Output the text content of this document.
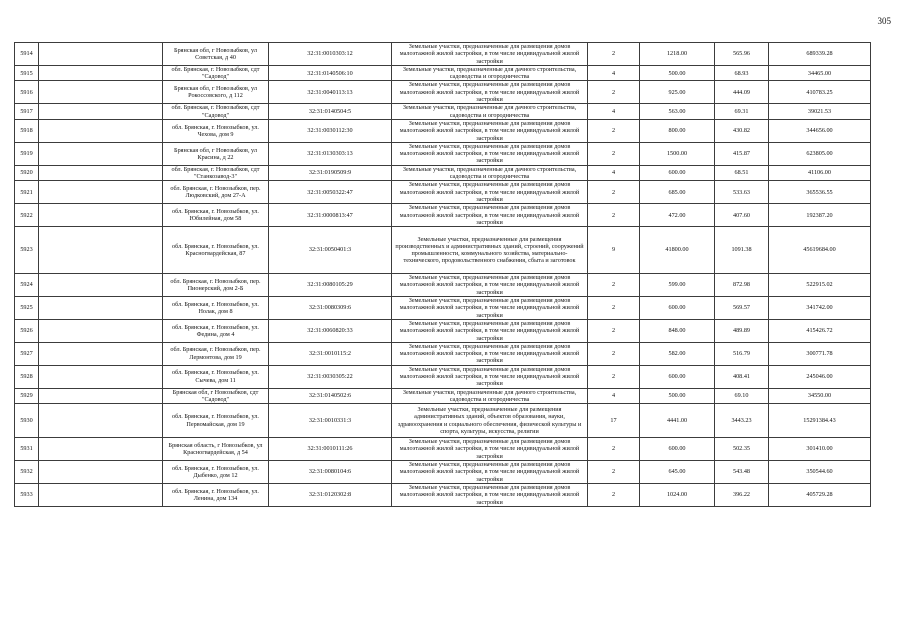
305
5914		Брянская обл, г Новозыбков, ул Советская, д 40	32:31:0010303:12	Земельные участки, предназначенные для размещения домов малоэтажной жилой застройки, в том числе индивидуальной жилой застройки	2	1218.00	565.96	689339.28
5915		обл. Брянская, г. Новозыбков, сдт "Садовод"	32:31:0140506:10	Земельные участки, предназначенные для дачного строительства, садоводства и огородничества	4	500.00	68.93	34465.00
5916		Брянская обл, г Новозыбков, ул Рокоссовского, д 112	32:31:0040113:13	Земельные участки, предназначенные для размещения домов малоэтажной жилой застройки, в том числе индивидуальной жилой застройки	2	925.00	444.09	410783.25
5917		обл. Брянская, г. Новозыбков, сдт "Садовод"	32:31:0140504:5	Земельные участки, предназначенные для дачного строительства, садоводства и огородничества	4	563.00	69.31	39021.53
5918		обл. Брянская, г. Новозыбков, ул. Чехова, дом 9	32:31:0030112:30	Земельные участки, предназначенные для размещения домов малоэтажной жилой застройки, в том числе индивидуальной жилой застройки	2	800.00	430.82	344656.00
5919		Брянская обл, г Новозыбков, ул Красина, д 22	32:31:0130303:13	Земельные участки, предназначенные для размещения домов малоэтажной жилой застройки, в том числе индивидуальной жилой застройки	2	1500.00	415.87	623805.00
5920		обл. Брянская, г. Новозыбков, сдт "Станкозавод-3"	32:31:0190509:9	Земельные участки, предназначенные для дачного строительства, садоводства и огородничества	4	600.00	68.51	41106.00
5921		обл. Брянская, г. Новозыбков, пер. Людковский, дом 27-А	32:31:0050322:47	Земельные участки, предназначенные для размещения домов малоэтажной жилой застройки, в том числе индивидуальной жилой застройки	2	685.00	533.63	365536.55
5922		обл. Брянская, г. Новозыбков, ул. Юбилейная, дом 58	32:31:0000813:47	Земельные участки, предназначенные для размещения домов малоэтажной жилой застройки, в том числе индивидуальной жилой застройки	2	472.00	407.60	192387.20
5923		обл. Брянская, г. Новозыбков, ул. Красногвардейская, 87	32:31:0050401:3	Земельные участки, предназначенные для размещения производственных и административных зданий, строений, сооружений промышленности, коммунального хозяйства, материально-технического, продовольственного снабжения, сбыта и заготовок	9	41800.00	1091.38	45619684.00
5924		обл. Брянская, г. Новозыбков, пер. Пионерский, дом 2-Б	32:31:0080105:29	Земельные участки, предназначенные для размещения домов малоэтажной жилой застройки, в том числе индивидуальной жилой застройки	2	599.00	872.98	522915.02
5925		обл. Брянская, г. Новозыбков, ул. Нолак, дом 8	32:31:0080309:6	Земельные участки, предназначенные для размещения домов малоэтажной жилой застройки, в том числе индивидуальной жилой застройки	2	600.00	569.57	341742.00
5926		обл. Брянская, г. Новозыбков, ул. Федина, дом 4	32:31:0060820:33	Земельные участки, предназначенные для размещения домов малоэтажной жилой застройки, в том числе индивидуальной жилой застройки	2	848.00	489.89	415426.72
5927		обл. Брянская, г. Новозыбков, пер. Лермонтова, дом 19	32:31:0010115:2	Земельные участки, предназначенные для размещения домов малоэтажной жилой застройки, в том числе индивидуальной жилой застройки	2	582.00	516.79	300771.78
5928		обл. Брянская, г. Новозыбков, ул. Сычева, дом 11	32:31:0030305:22	Земельные участки, предназначенные для размещения домов малоэтажной жилой застройки, в том числе индивидуальной жилой застройки	2	600.00	408.41	245046.00
5929		Брянская обл, г Новозыбков, сдт "Садовод"	32:31:0140502:6	Земельные участки, предназначенные для дачного строительства, садоводства и огородничества	4	500.00	69.10	34550.00
5930		обл. Брянская, г. Новозыбков, ул. Первомайская, дом 19	32:31:0010331:3	Земельные участки, предназначенные для размещения административных зданий, объектов образования, науки, здравоохранения и социального обеспечения, физической культуры и спорта, культуры, искусства, религии	17	4441.00	3443.23	15291384.43
5931		Брянская область, г Новозыбков, ул Красногвардейская, д 54	32:31:0010111:26	Земельные участки, предназначенные для размещения домов малоэтажной жилой застройки, в том числе индивидуальной жилой застройки	2	600.00	502.35	301410.00
5932		обл. Брянская, г. Новозыбков, ул. Дыбенко, дом 12	32:31:0080104:6	Земельные участки, предназначенные для размещения домов малоэтажной жилой застройки, в том числе индивидуальной жилой застройки	2	645.00	543.48	350544.60
5933		обл. Брянская, г. Новозыбков, ул. Ленина, дом 134	32:31:0120302:8	Земельные участки, предназначенные для размещения домов малоэтажной жилой застройки, в том числе индивидуальной жилой застройки	2	1024.00	396.22	405729.28
